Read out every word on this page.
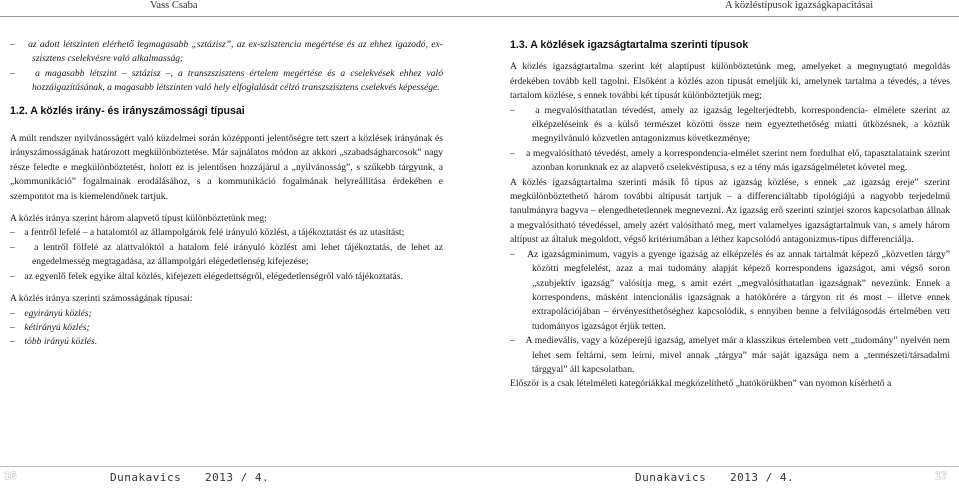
Vass Csaba
–    az adott létszinten elérhető legmagasabb „sztázisz”, az ex-szisztencia megértése és az ehhez igazodó, ex-szisztens cselekvésre való alkalmasság;
–    a magasabb létszint – sztázisz –, a transzszisztens értelem megértése és a cselekvések ehhez való hozzáigazításának, a magasabb létszinten való hely elfoglalását célzó transzszisztens cselekvés képessége.
1.2. A közlés irány- és irányszámossági típusai

A múlt rendszer nyilvánosságért való küzdelmei során középponti jelentőségre tett szert a közlések irányának és irányszámosságának határozott megkülönböztetése. Már sajnálatos módon az akkori „szabadságharcosok” nagy része feledte e megkülönböztetést, holott ez is jelentősen hozzájárul a „nyilvánosság”, s szűkebb tárgyunk, a „kommunikáció” fogalmainak erodálásához, s a kommunikáció fogalmának helyreállítása érdekében e szempontot ma is kiemelendőnek tartjuk.

A közlés iránya szerint három alapvető típust különböztetünk meg:

–    a fentről lefelé – a hatalomtól az állampolgárok felé irányuló közlést, a tájékoztatást és az utasítást;
–    a lentről fölfelé az alattvalóktól a hatalom felé irányuló közlést ami lehet tájékoztatás, de lehet az engedelmesség megtagadása, az állampolgári elégedetlenség kifejezése;
–    az egyenlő felek egyike által közlés, kifejezett elégedettségről, elégedetlenségről való tájékoztatás.

A közlés iránya szerinti számosságának típusai:

–    egyirányú közlés;
–    kétirányú közlés;
–    több irányú közlés.
16	Dunakavics 2013 / 4.
A közléstípusok igazságkapacitásai
1.3. A közlések igazságtartalma szerinti típusok

A közlés igazságtartalma szerint két alaptípust különböztetünk meg, amelyeket a megnyugtató megoldás érdekében tovább kell tagolni. Elsőként a közlés azon típusát emeljük ki, amelynek tartalma a tévedés, a téves tartalom közlése, s ennek további két típusát különböztetjük meg;

–    a megvalósíthatatlan tévedést, amely az igazság legelterjedtebb, korrespondencia- elmélete szerint az elképzeléseink és a külső természet közötti össze nem egyeztethetőség miatti ütközésnek, a köztük megnyilvánuló közvetlen antagonizmus következménye;
–    a megvalósítható tévedést, amely a korrespondencia-elmélet szerint nem fordulhat elő, tapasztalataink szerint azonban korunknak ez az alapvető cselekvéstípusa, s ez a tény más igazságelméletet követel meg.

A közlés igazságtartalma szerinti másik fő típus az igazság közlése, s ennek „az igazság ereje” szerint megkülönböztethető három további altípusát tartjuk – a differenciáltabb tipológiájú a nagyobb terjedelmű tanulmányra hagyva – elengedhetetlennek megnevezni. Az igazság erő szerinti szintjei szoros kapcsolatban állnak a megvalósítható tévedéssel, amely azért valósítható meg, mert valamelyes igazságtartalmuk van, s amely három altípust az általuk megoldott, végső kritériumában a léthez kapcsolódó antagonizmus-típus differenciálja.

–    Az igazságminimum, vagyis a gyenge igazság az elképzelés és az annak tartalmát képező „közvetlen tárgy” közötti megfelelést, azaz a mai tudomány alapját képező korrespondens igazságot, ami végső soron „szubjektív igazság” valósítja meg, s amit ezért „megvalósíthatatlan igazságnak” nevezünk. Ennek a korrespondens, másként intencionális igazságnak a hatókörére a tárgyon rit és most – illetve ennek extrapolációjában – érvényesíthetőséghez kapcsolódik, s ennyiben benne a felvilágosodás értelmében vett tudományos igazságot érjük tetten.
–    A medievális, vagy a középerejű igazság, amelyet már a klasszikus értelemben vett „tudomány” nyelvén nem lehet sem feltárni, sem leírni, mivel annak „tárgya” már saját igazsága nem a „természeti/társadalmi tárggyal” áll kapcsolatban.

Először is a csak lételméleti kategóriákkal megközelíthető „hatókörükben” van nyomon kísérhető a

Dunakavics 2013 / 4.	17
